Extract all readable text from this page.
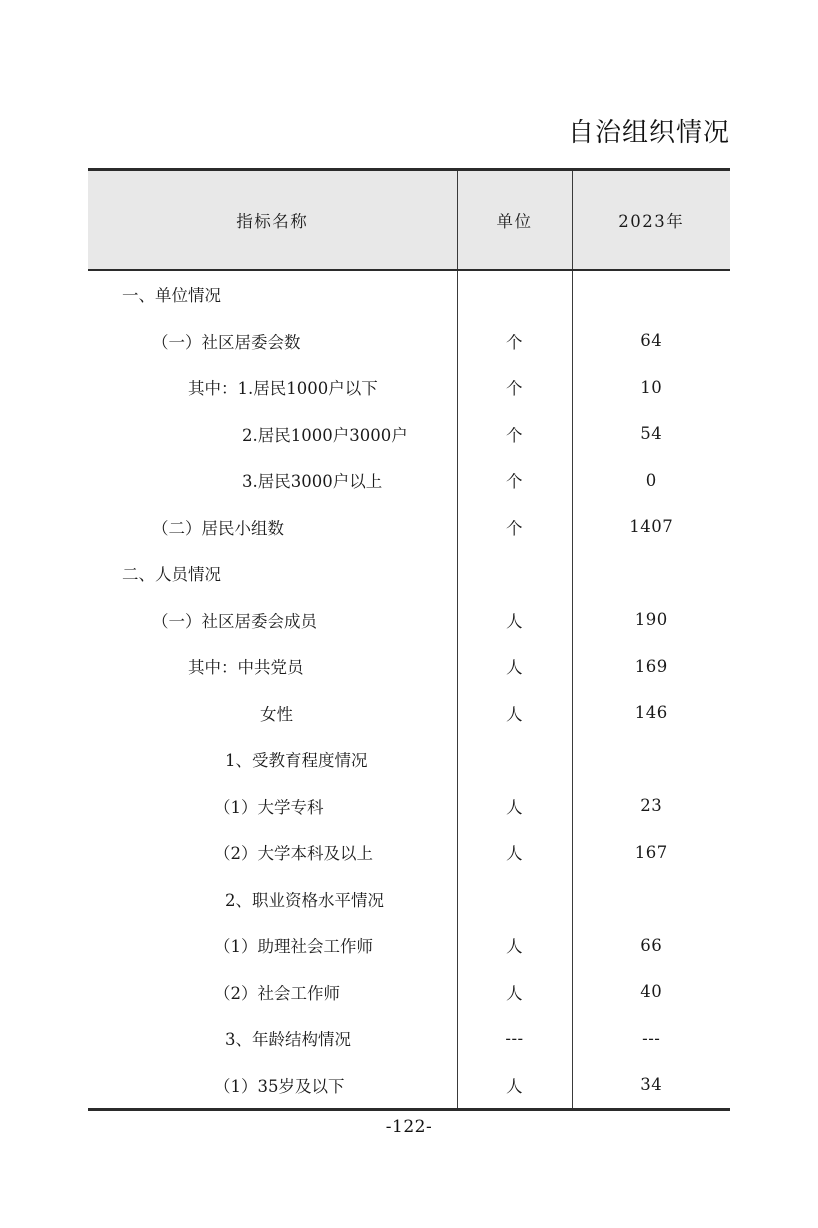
自治组织情况
指标名称	单位	2023年
一、单位情况		
（一）社区居委会数	个	64
其中：1.居民1000户以下	个	10
2.居民1000户3000户	个	54
3.居民3000户以上	个	0
（二）居民小组数	个	1407
二、人员情况		
（一）社区居委会成员	人	190
其中：中共党员	人	169
女性	人	146
1、受教育程度情况		
（1）大学专科	人	23
（2）大学本科及以上	人	167
2、职业资格水平情况		
（1）助理社会工作师	人	66
（2）社会工作师	人	40
3、年龄结构情况	---	---
（1）35岁及以下	人	34
-122-
